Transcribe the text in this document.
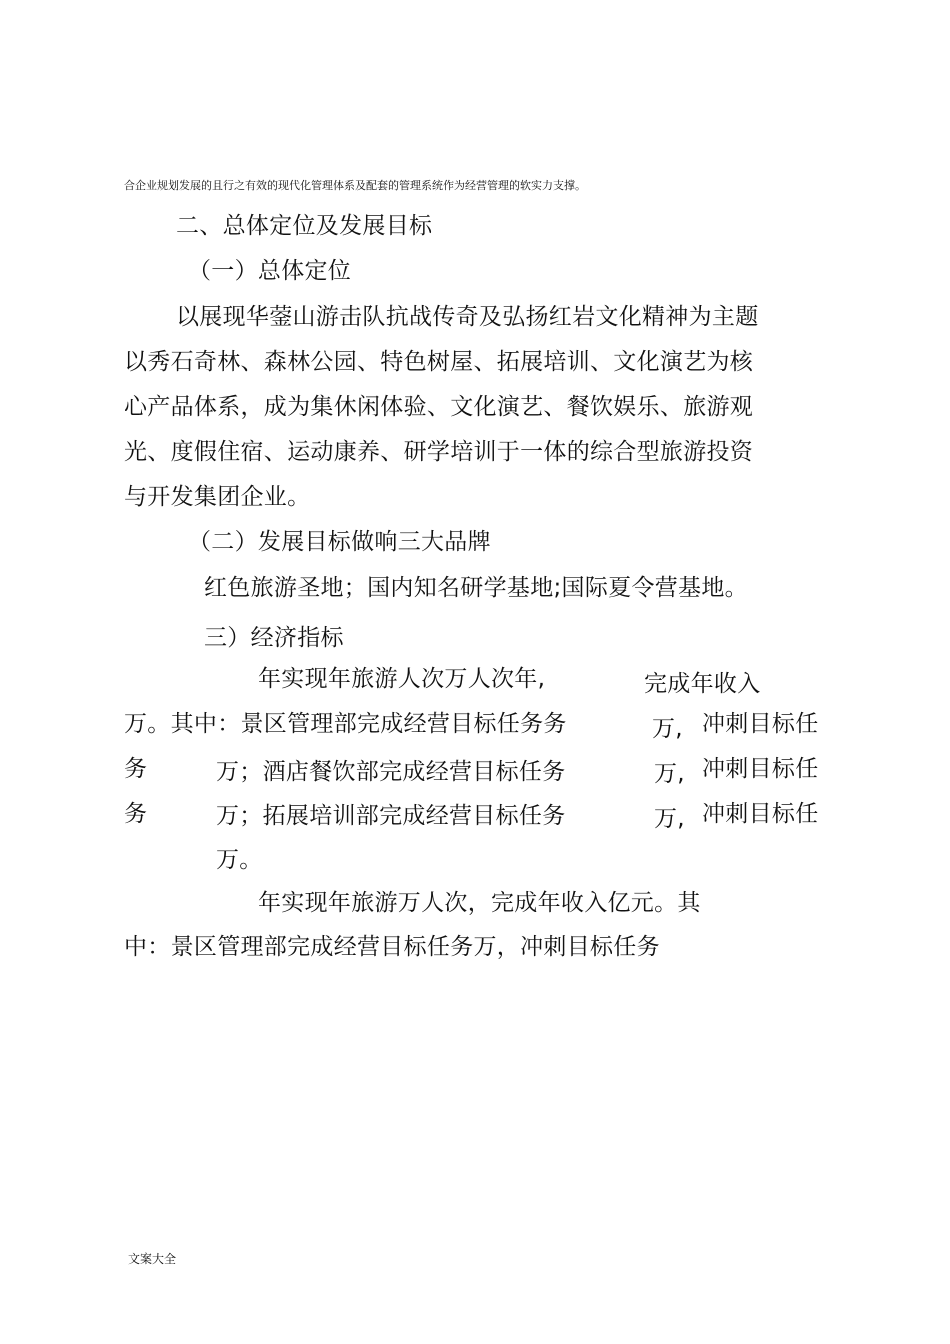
合企业规划发展的且行之有效的现代化管理体系及配套的管理系统作为经营管理的软实力支撑。
二、总体定位及发展目标
（一）总体定位
以展现华蓥山游击队抗战传奇及弘扬红岩文化精神为主题
以秀石奇林、森林公园、特色树屋、拓展培训、文化演艺为核
心产品体系，成为集休闲体验、文化演艺、餐饮娱乐、旅游观
光、度假住宿、运动康养、研学培训于一体的综合型旅游投资
与开发集团企业。
（二）发展目标做响三大品牌
红色旅游圣地；国内知名研学基地;国际夏令营基地。
三）经济指标
年实现年旅游人次万人次年,	完成年收入
万。其中：景区管理部完成经营目标任务务	万, 冲刺目标任
务	万；酒店餐饮部完成经营目标任务	万, 冲刺目标任
务	万；拓展培训部完成经营目标任务	万, 冲刺目标任
万。
年实现年旅游万人次，完成年收入亿元。其
中：景区管理部完成经营目标任务万，冲刺目标任务
文案大全
